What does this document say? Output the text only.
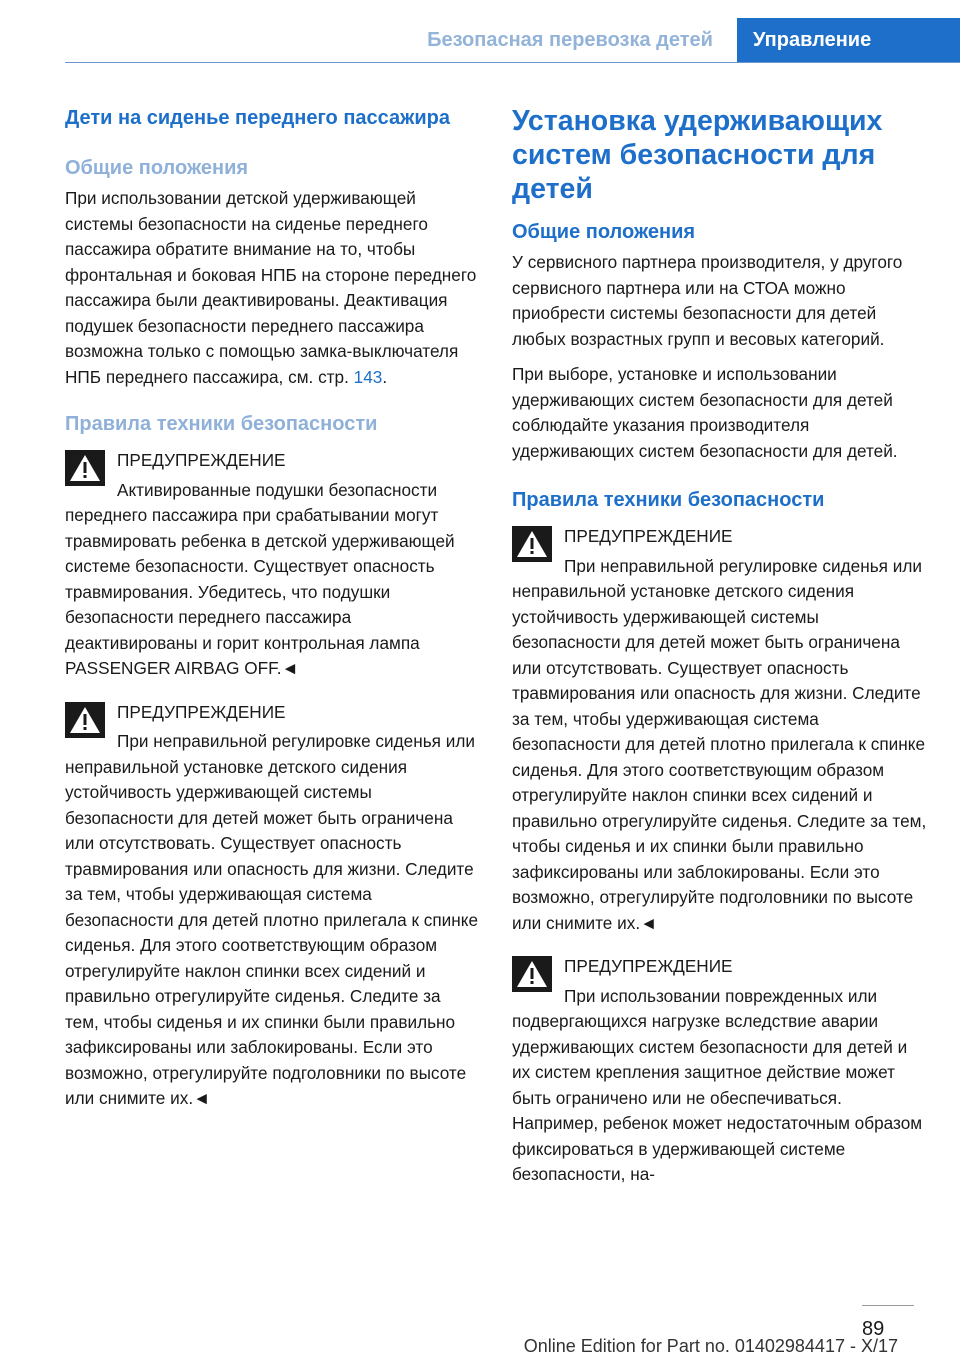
Безопасная перевозка детей	Управление
Дети на сиденье переднего пассажира
Общие положения

При использовании детской удерживающей системы безопасности на сиденье переднего пассажира обратите внимание на то, чтобы фронтальная и боковая НПБ на стороне переднего пассажира были деактивированы. Деактивация подушек безопасности переднего пассажира возможна только с помощью замка-выключателя НПБ переднего пассажира, см. стр. 143.

Правила техники безопасности

ПРЕДУПРЕЖДЕНИЕ

Активированные подушки безопасности переднего пассажира при срабатывании могут травмировать ребенка в детской удерживающей системе безопасности. Существует опасность травмирования. Убедитесь, что подушки безопасности переднего пассажира деактивированы и горит контрольная лампа PASSENGER AIRBAG OFF.◄

ПРЕДУПРЕЖДЕНИЕ

При неправильной регулировке сиденья или неправильной установке детского сидения устойчивость удерживающей системы безопасности для детей может быть ограничена или отсутствовать. Существует опасность травмирования или опасность для жизни. Следите за тем, чтобы удерживающая система безопасности для детей плотно прилегала к спинке сиденья. Для этого соответствующим образом отрегулируйте наклон спинки всех сидений и правильно отрегулируйте сиденья. Следите за тем, чтобы сиденья и их спинки были правильно зафиксированы или заблокированы. Если это возможно, отрегулируйте подголовники по высоте или снимите их.◄

Установка удерживающих систем безопасности для детей
Общие положения

У сервисного партнера производителя, у другого сервисного партнера или на СТОА можно приобрести системы безопасности для детей любых возрастных групп и весовых категорий.

При выборе, установке и использовании удерживающих систем безопасности для детей соблюдайте указания производителя удерживающих систем безопасности для детей.

Правила техники безопасности

ПРЕДУПРЕЖДЕНИЕ

При неправильной регулировке сиденья или неправильной установке детского сидения устойчивость удерживающей системы безопасности для детей может быть ограничена или отсутствовать. Существует опасность травмирования или опасность для жизни. Следите за тем, чтобы удерживающая система безопасности для детей плотно прилегала к спинке сиденья. Для этого соответствующим образом отрегулируйте наклон спинки всех сидений и правильно отрегулируйте сиденья. Следите за тем, чтобы сиденья и их спинки были правильно зафиксированы или заблокированы. Если это возможно, отрегулируйте подголовники по высоте или снимите их.◄

ПРЕДУПРЕЖДЕНИЕ

При использовании поврежденных или подвергающихся нагрузке вследствие аварии удерживающих систем безопасности для детей и их систем крепления защитное действие может быть ограничено или не обеспечиваться. Например, ребенок может недостаточным образом фиксироваться в удерживающей системе безопасности, на-

89
Online Edition for Part no. 01402984417 - X/17
